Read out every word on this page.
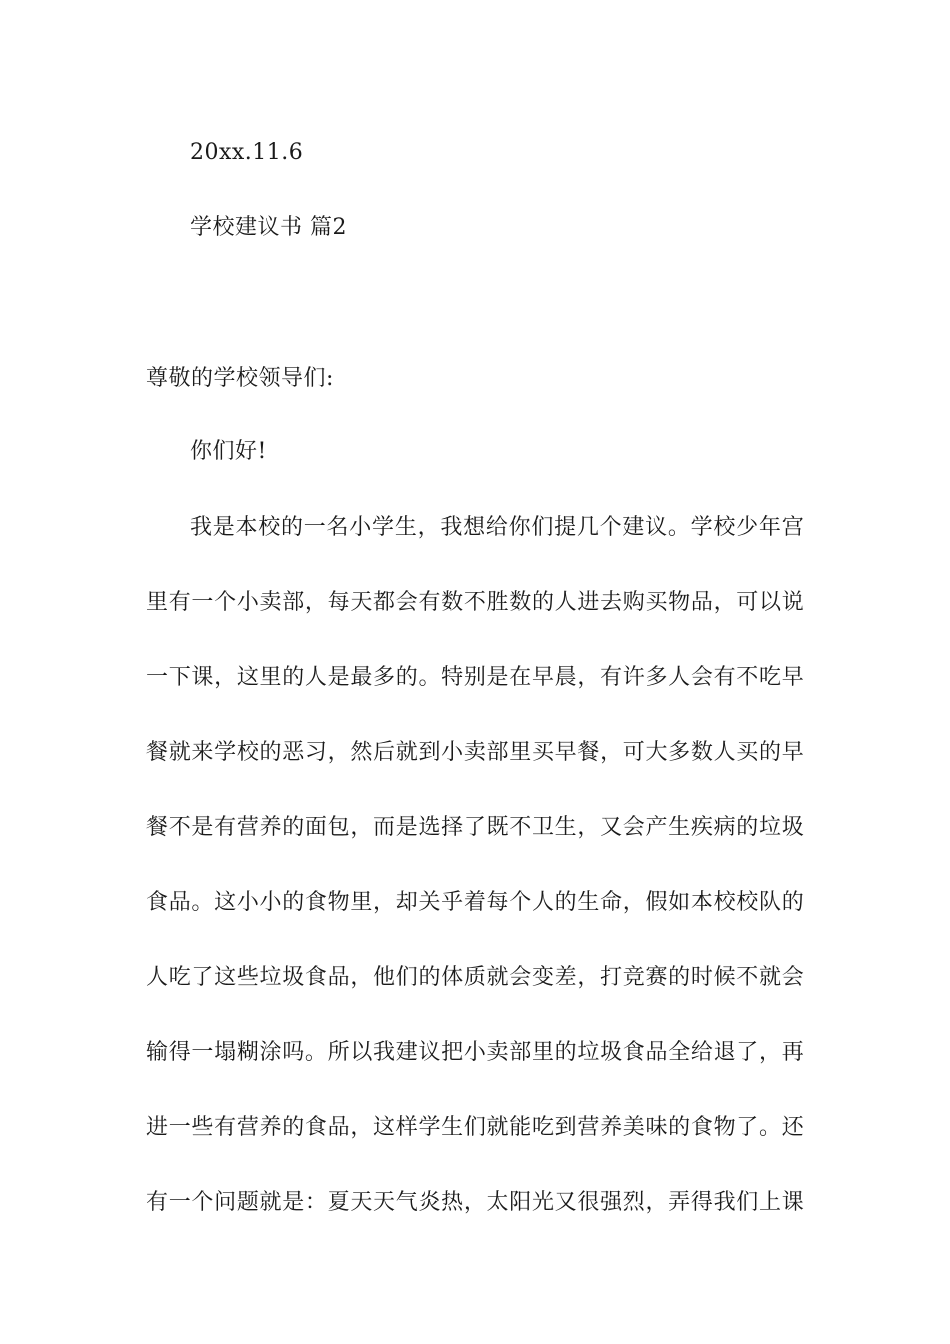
20xx.11.6
学校建议书 篇2
尊敬的学校领导们:
你们好!
我是本校的一名小学生，我想给你们提几个建议。学校少年宫
里有一个小卖部，每天都会有数不胜数的人进去购买物品，可以说
一下课，这里的人是最多的。特别是在早晨，有许多人会有不吃早
餐就来学校的恶习，然后就到小卖部里买早餐，可大多数人买的早
餐不是有营养的面包，而是选择了既不卫生，又会产生疾病的垃圾
食品。这小小的食物里，却关乎着每个人的生命，假如本校校队的
人吃了这些垃圾食品，他们的体质就会变差，打竞赛的时候不就会
输得一塌糊涂吗。所以我建议把小卖部里的垃圾食品全给退了，再
进一些有营养的食品，这样学生们就能吃到营养美味的食物了。还
有一个问题就是：夏天天气炎热，太阳光又很强烈，弄得我们上课
